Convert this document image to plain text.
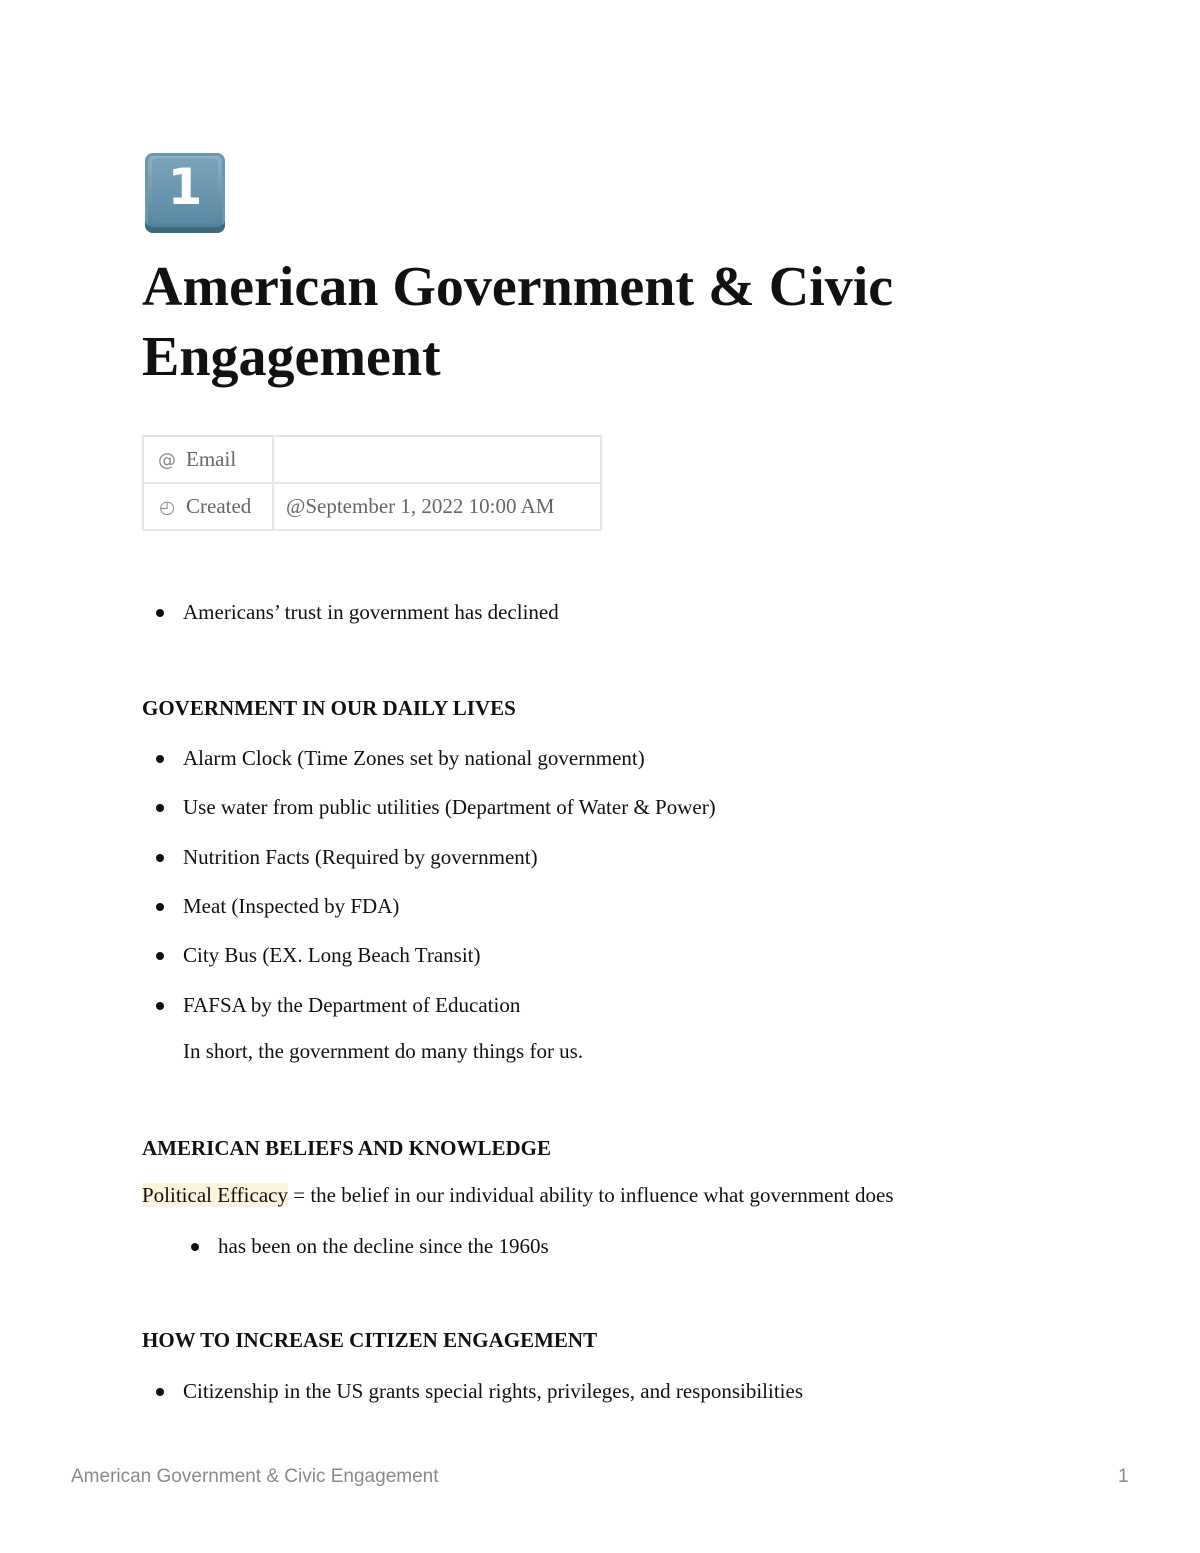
1
American Government & Civic Engagement
@ Email	
◴ Created	@September 1, 2022 10:00 AM

Americans’ trust in government has declined

GOVERNMENT IN OUR DAILY LIVES

Alarm Clock (Time Zones set by national government)

Use water from public utilities (Department of Water & Power)

Nutrition Facts (Required by government)

Meat (Inspected by FDA)

City Bus (EX. Long Beach Transit)

FAFSA by the Department of Education

In short, the government do many things for us.

AMERICAN BELIEFS AND KNOWLEDGE

Political Efficacy = the belief in our individual ability to influence what government does

has been on the decline since the 1960s

HOW TO INCREASE CITIZEN ENGAGEMENT

Citizenship in the US grants special rights, privileges, and responsibilities

American Government & Civic Engagement	1
